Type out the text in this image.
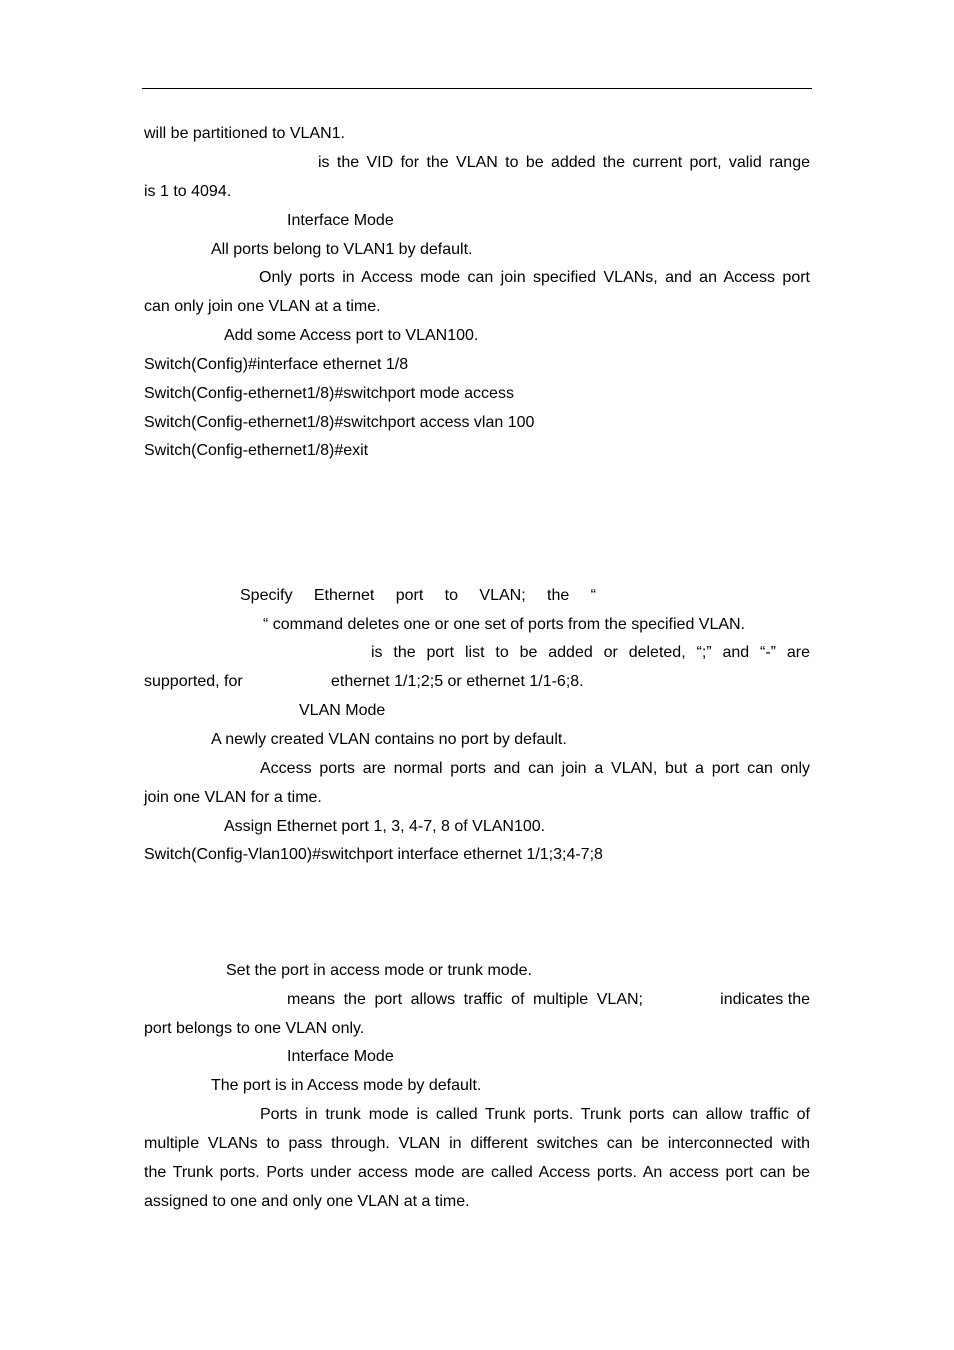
will be partitioned to VLAN1.
is the VID for the VLAN to be added the current port, valid range
is 1 to 4094.
Interface Mode
All ports belong to VLAN1 by default.
Only ports in Access mode can join specified VLANs, and an Access port
can only join one VLAN at a time.
Add some Access port to VLAN100.
Switch(Config)#interface ethernet 1/8
Switch(Config-ethernet1/8)#switchport mode access
Switch(Config-ethernet1/8)#switchport access vlan 100
Switch(Config-ethernet1/8)#exit
Specify Ethernet port to VLAN; the “
“ command deletes one or one set of ports from the specified VLAN.
is the port list to be added or deleted, “;” and “-” are
supported, for	ethernet 1/1;2;5 or ethernet 1/1-6;8.
VLAN Mode
A newly created VLAN contains no port by default.
Access ports are normal ports and can join a VLAN, but a port can only
join one VLAN for a time.
Assign Ethernet port 1, 3, 4-7, 8 of VLAN100.
Switch(Config-Vlan100)#switchport interface ethernet 1/1;3;4-7;8
Set the port in access mode or trunk mode.
means the port allows traffic of multiple VLAN;	indicates the
port belongs to one VLAN only.
Interface Mode
The port is in Access mode by default.
Ports in trunk mode is called Trunk ports. Trunk ports can allow traffic of
multiple VLANs to pass through. VLAN in different switches can be interconnected with
the Trunk ports. Ports under access mode are called Access ports. An access port can be
assigned to one and only one VLAN at a time.
